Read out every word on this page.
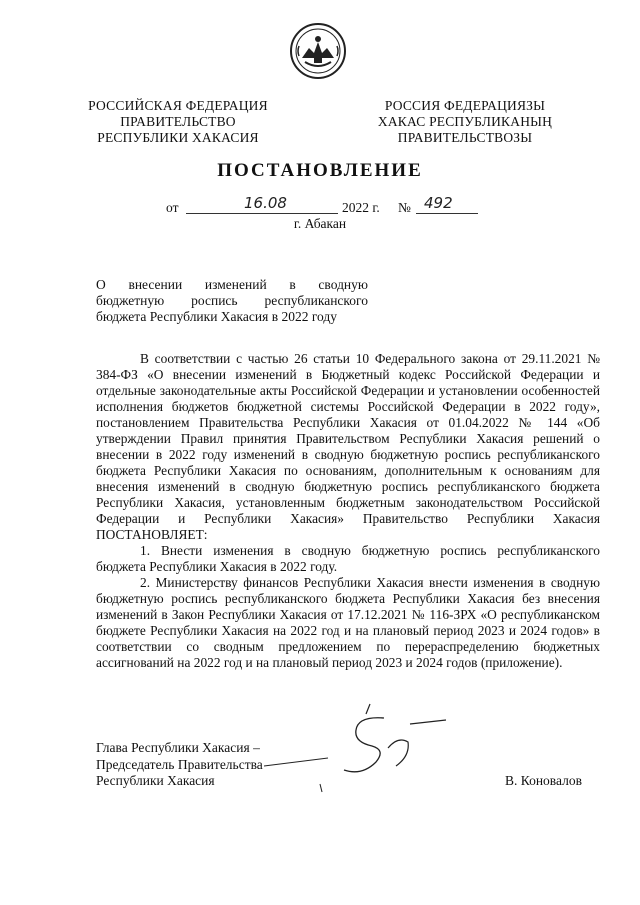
РОССИЙСКАЯ ФЕДЕРАЦИЯ
ПРАВИТЕЛЬСТВО
РЕСПУБЛИКИ ХАКАСИЯ
РОССИЯ ФЕДЕРАЦИЯЗЫ
ХАКАС РЕСПУБЛИКАНЫҢ
ПРАВИТЕЛЬСТВОЗЫ
ПОСТАНОВЛЕНИЕ
от	16.08	2022 г. № 492
г. Абакан

О внесении изменений в сводную

бюджетную роспись республиканского

бюджета Республики Хакасия в 2022 году

В соответствии с частью 26 статьи 10 Федерального закона от 29.11.2021 № 384-ФЗ «О внесении изменений в Бюджетный кодекс Российской Федерации и отдельные законодательные акты Российской Федерации и установлении особенностей исполнения бюджетов бюджетной системы Российской Федерации в 2022 году», постановлением Правительства Республики Хакасия от 01.04.2022 № 144 «Об утверждении Правил принятия Правительством Республики Хакасия решений о внесении в 2022 году изменений в сводную бюджетную роспись республиканского бюджета Республики Хакасия по основаниям, дополнительным к основаниям для внесения изменений в сводную бюджетную роспись республиканского бюджета Республики Хакасия, установленным бюджетным законодательством Российской Федерации и Республики Хакасия» Правительство Республики Хакасия ПОСТАНОВЛЯЕТ:

1. Внести изменения в сводную бюджетную роспись республиканского бюджета Республики Хакасия в 2022 году.

2. Министерству финансов Республики Хакасия внести изменения в сводную бюджетную роспись республиканского бюджета Республики Хакасия без внесения изменений в Закон Республики Хакасия от 17.12.2021 № 116-ЗРХ «О республиканском бюджете Республики Хакасия на 2022 год и на плановый период 2023 и 2024 годов» в соответствии со сводным предложением по перераспределению бюджетных ассигнований на 2022 год и на плановый период 2023 и 2024 годов (приложение).

Глава Республики Хакасия –
Председатель Правительства
Республики Хакасия	В. Коновалов
